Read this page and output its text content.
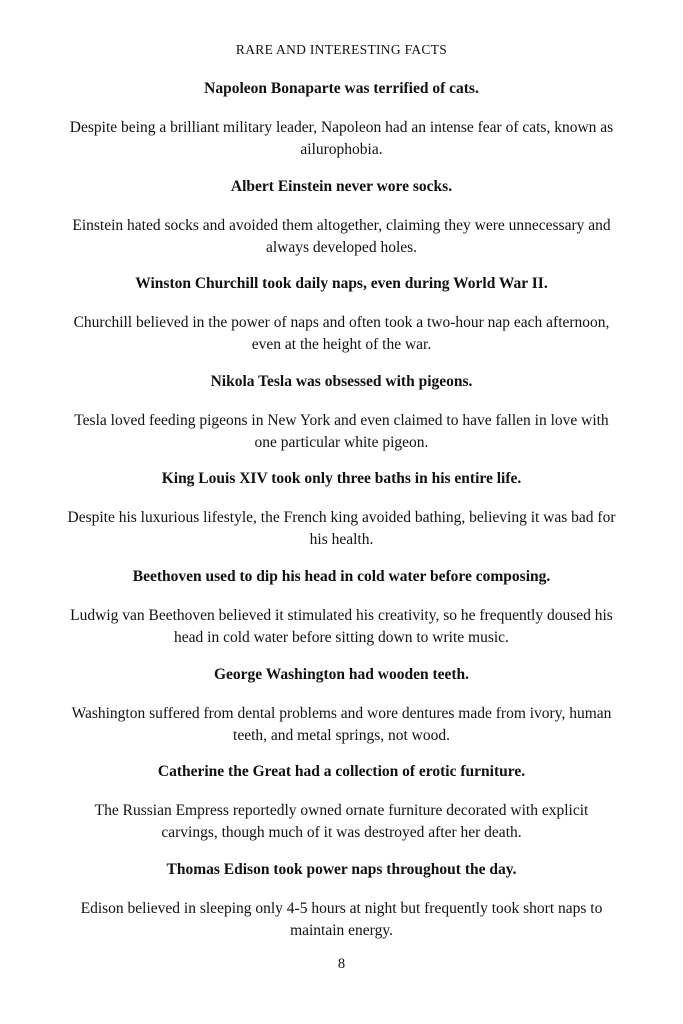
RARE AND INTERESTING FACTS

Napoleon Bonaparte was terrified of cats.

Despite being a brilliant military leader, Napoleon had an intense fear of cats, known as ailurophobia.

Albert Einstein never wore socks.

Einstein hated socks and avoided them altogether, claiming they were unnecessary and always developed holes.

Winston Churchill took daily naps, even during World War II.

Churchill believed in the power of naps and often took a two-hour nap each afternoon, even at the height of the war.

Nikola Tesla was obsessed with pigeons.

Tesla loved feeding pigeons in New York and even claimed to have fallen in love with one particular white pigeon.

King Louis XIV took only three baths in his entire life.

Despite his luxurious lifestyle, the French king avoided bathing, believing it was bad for his health.

Beethoven used to dip his head in cold water before composing.

Ludwig van Beethoven believed it stimulated his creativity, so he frequently doused his head in cold water before sitting down to write music.

George Washington had wooden teeth.

Washington suffered from dental problems and wore dentures made from ivory, human teeth, and metal springs, not wood.

Catherine the Great had a collection of erotic furniture.

The Russian Empress reportedly owned ornate furniture decorated with explicit carvings, though much of it was destroyed after her death.

Thomas Edison took power naps throughout the day.

Edison believed in sleeping only 4-5 hours at night but frequently took short naps to maintain energy.

8
